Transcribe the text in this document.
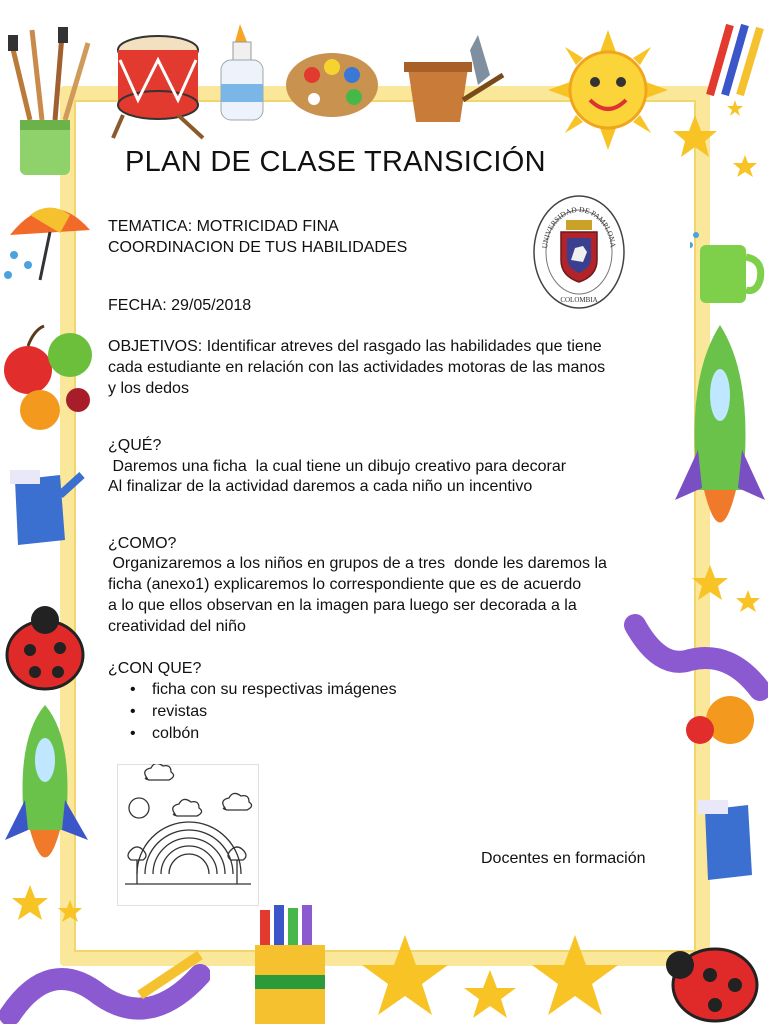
PLAN DE CLASE TRANSICIÓN

TEMATICA: MOTRICIDAD FINA

COORDINACION DE TUS HABILIDADES

FECHA: 29/05/2018

OBJETIVOS: Identificar atreves del rasgado las habilidades que tiene

cada estudiante en relación con las actividades motoras de las manos

y los dedos

¿QUÉ?

Daremos una ficha  la cual tiene un dibujo creativo para decorar

Al finalizar de la actividad daremos a cada niño un incentivo

¿COMO?

Organizaremos a los niños en grupos de a tres  donde les daremos la

ficha (anexo1) explicaremos lo correspondiente que es de acuerdo

a lo que ellos observan en la imagen para luego ser decorada a la

creatividad del niño

¿CON QUE?

• ficha con su respectivas imágenes
• revistas
• colbón

Docentes en formación

UNIVERSIDAD DE PAMPLONA
COLOMBIA
